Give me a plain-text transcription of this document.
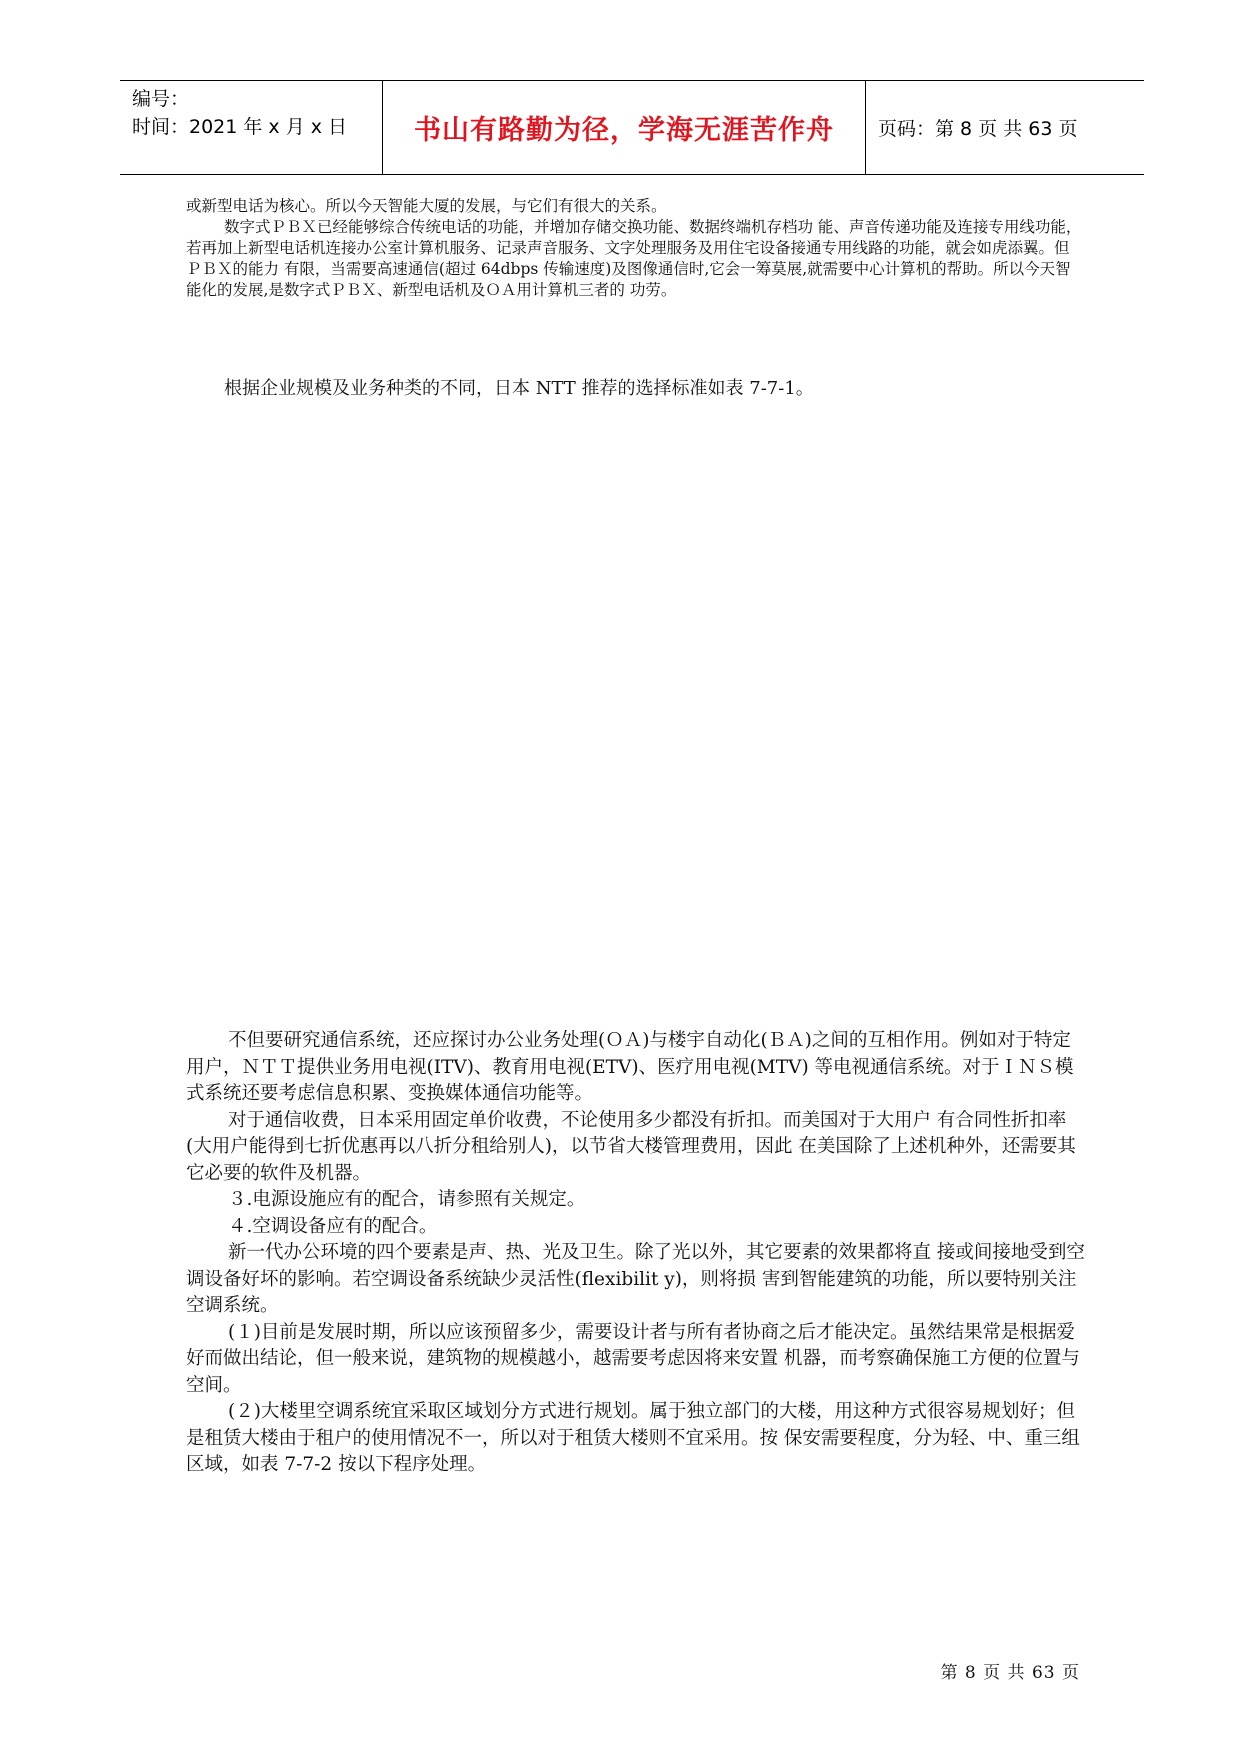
编号：
时间：2021 年 x 月 x 日	书山有路勤为径，学海无涯苦作舟 页码：第 8 页 共 63 页

或新型电话为核心。所以今天智能大厦的发展，与它们有很大的关系。

数字式ＰＢＸ已经能够综合传统电话的功能，并增加存储交换功能、数据终端机存档功 能、声音传递功能及连接专用线功能，若再加上新型电话机连接办公室计算机服务、记录声音服务、文字处理服务及用住宅设备接通专用线路的功能，就会如虎添翼。但ＰＢＸ的能力 有限，当需要高速通信(超过 64dbps 传输速度)及图像通信时,它会一筹莫展,就需要中心计算机的帮助。所以今天智能化的发展,是数字式ＰＢＸ、新型电话机及ＯＡ用计算机三者的 功劳。

根据企业规模及业务种类的不同，日本 NTT 推荐的选择标准如表 7-7-1。

不但要研究通信系统，还应探讨办公业务处理(ＯＡ)与楼宇自动化(ＢＡ)之间的互相作用。例如对于特定用户，ＮＴＴ提供业务用电视(ITV)、教育用电视(ETV)、医疗用电视(MTV) 等电视通信系统。对于ＩＮＳ模式系统还要考虑信息积累、变换媒体通信功能等。

对于通信收费，日本采用固定单价收费，不论使用多少都没有折扣。而美国对于大用户 有合同性折扣率(大用户能得到七折优惠再以八折分租给别人)，以节省大楼管理费用，因此 在美国除了上述机种外，还需要其它必要的软件及机器。

３.电源设施应有的配合，请参照有关规定。

４.空调设备应有的配合。

新一代办公环境的四个要素是声、热、光及卫生。除了光以外，其它要素的效果都将直 接或间接地受到空调设备好坏的影响。若空调设备系统缺少灵活性(flexibilit y)，则将损 害到智能建筑的功能，所以要特别关注空调系统。

(１)目前是发展时期，所以应该预留多少，需要设计者与所有者协商之后才能决定。虽然结果常是根据爱好而做出结论，但一般来说，建筑物的规模越小，越需要考虑因将来安置 机器，而考察确保施工方便的位置与空间。

(２)大楼里空调系统宜采取区域划分方式进行规划。属于独立部门的大楼，用这种方式很容易规划好；但是租赁大楼由于租户的使用情况不一，所以对于租赁大楼则不宜采用。按 保安需要程度，分为轻、中、重三组区域，如表 7-7-2 按以下程序处理。

第 8 页 共 63 页
